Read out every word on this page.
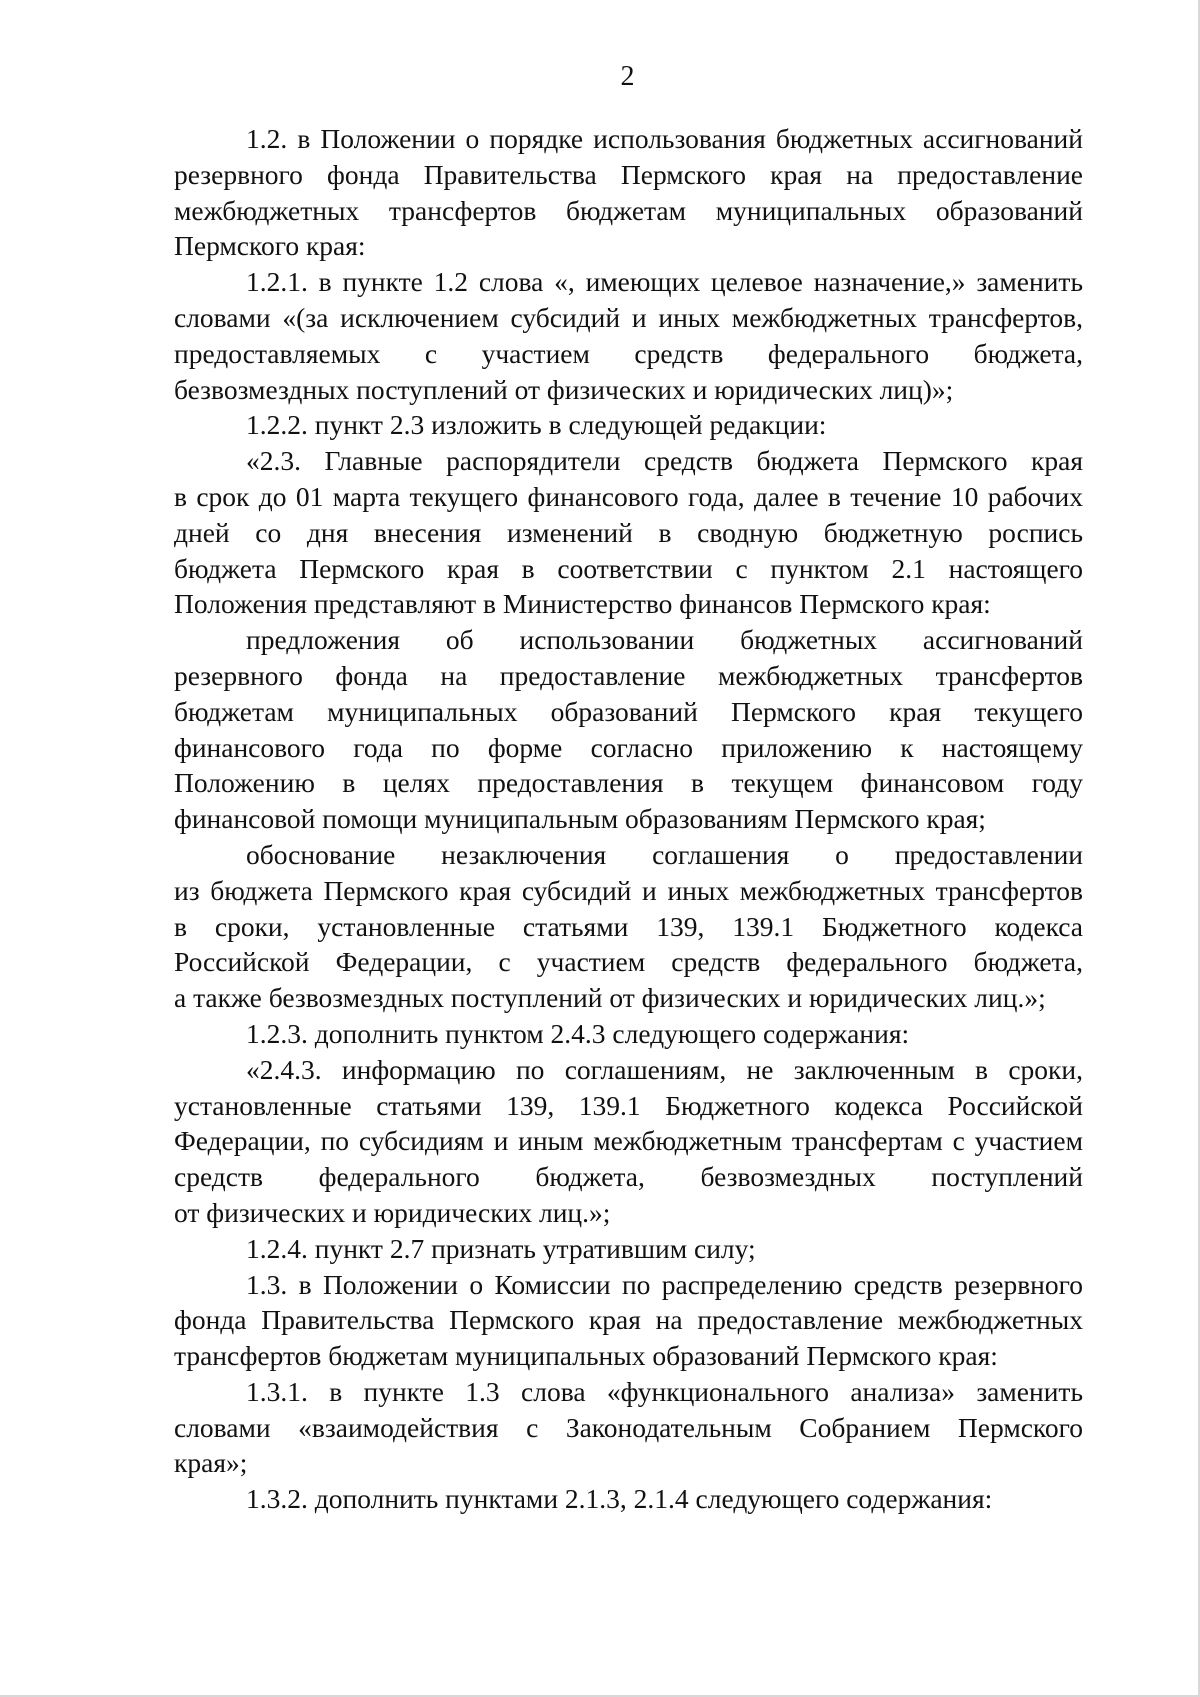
2
1.2. в Положении о порядке использования бюджетных ассигнований
резервного фонда Правительства Пермского края на предоставление
межбюджетных трансфертов бюджетам муниципальных образований
Пермского края:
1.2.1. в пункте 1.2 слова «, имеющих целевое назначение,» заменить
словами «(за исключением субсидий и иных межбюджетных трансфертов,
предоставляемых с участием средств федерального бюджета,
безвозмездных поступлений от физических и юридических лиц)»;
1.2.2. пункт 2.3 изложить в следующей редакции:
«2.3. Главные распорядители средств бюджета Пермского края
в срок до 01 марта текущего финансового года, далее в течение 10 рабочих
дней со дня внесения изменений в сводную бюджетную роспись
бюджета Пермского края в соответствии с пунктом 2.1 настоящего
Положения представляют в Министерство финансов Пермского края:
предложения об использовании бюджетных ассигнований
резервного фонда на предоставление межбюджетных трансфертов
бюджетам муниципальных образований Пермского края текущего
финансового года по форме согласно приложению к настоящему
Положению в целях предоставления в текущем финансовом году
финансовой помощи муниципальным образованиям Пермского края;
обоснование незаключения соглашения о предоставлении
из бюджета Пермского края субсидий и иных межбюджетных трансфертов
в сроки, установленные статьями 139, 139.1 Бюджетного кодекса
Российской Федерации, с участием средств федерального бюджета,
а также безвозмездных поступлений от физических и юридических лиц.»;
1.2.3. дополнить пунктом 2.4.3 следующего содержания:
«2.4.3. информацию по соглашениям, не заключенным в сроки,
установленные статьями 139, 139.1 Бюджетного кодекса Российской
Федерации, по субсидиям и иным межбюджетным трансфертам с участием
средств федерального бюджета, безвозмездных поступлений
от физических и юридических лиц.»;
1.2.4. пункт 2.7 признать утратившим силу;
1.3. в Положении о Комиссии по распределению средств резервного
фонда Правительства Пермского края на предоставление межбюджетных
трансфертов бюджетам муниципальных образований Пермского края:
1.3.1. в пункте 1.3 слова «функционального анализа» заменить
словами «взаимодействия с Законодательным Собранием Пермского
края»;
1.3.2. дополнить пунктами 2.1.3, 2.1.4 следующего содержания:
